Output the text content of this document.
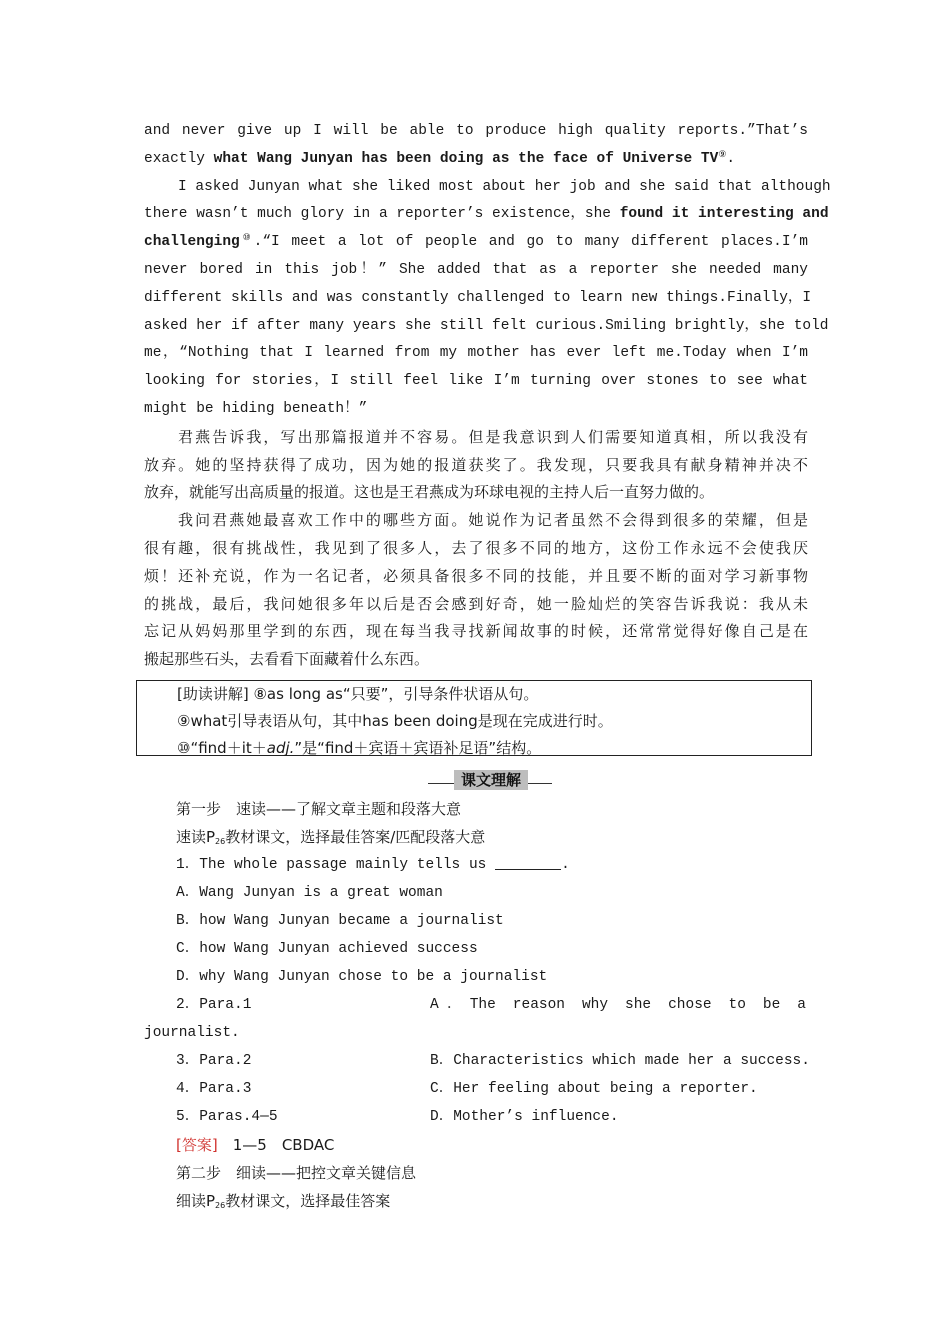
and never give up I will be able to produce high quality reports.”That’s
exactly what Wang Junyan has been doing as the face of Universe TV⑨.
I asked Junyan what she liked most about her job and she said that although
there wasn’t much glory in a reporter’s existence，she found it interesting and
challenging⑩.“I meet a lot of people and go to many different places.I’m
never bored in this job！” She added that as a reporter she needed many
different skills and was constantly challenged to learn new things.Finally，I
asked her if after many years she still felt curious.Smiling brightly，she told
me，“Nothing that I learned from my mother has ever left me.Today when I’m
looking for stories，I still feel like I’m turning over stones to see what
might be hiding beneath！”
君燕告诉我，写出那篇报道并不容易。但是我意识到人们需要知道真相，所以我没有
放弃。她的坚持获得了成功，因为她的报道获奖了。我发现，只要我具有献身精神并决不
放弃，就能写出高质量的报道。这也是王君燕成为环球电视的主持人后一直努力做的。
我问君燕她最喜欢工作中的哪些方面。她说作为记者虽然不会得到很多的荣耀，但是
很有趣，很有挑战性，我见到了很多人，去了很多不同的地方，这份工作永远不会使我厌
烦！还补充说，作为一名记者，必须具备很多不同的技能，并且要不断的面对学习新事物
的挑战，最后，我问她很多年以后是否会感到好奇，她一脸灿烂的笑容告诉我说：我从未
忘记从妈妈那里学到的东西，现在每当我寻找新闻故事的时候，还常常觉得好像自己是在
搬起那些石头，去看看下面藏着什么东西。
[助读讲解] ⑧as long as“只要”，引导条件状语从句。
⑨what引导表语从句，其中has been doing是现在完成进行时。
⑩“find＋it＋adj.”是“find＋宾语＋宾语补足语”结构。
课文理解
第一步　速读——了解文章主题和段落大意
速读$P_{26}$教材课文，选择最佳答案/匹配段落大意
1．The whole passage mainly tells us	.
A．Wang Junyan is a great woman
B．how Wang Junyan became a journalist
C．how Wang Junyan achieved success
D．why Wang Junyan chose to be a journalist
2．Para.1	A．The reason why she chose to be a
journalist.
3．Para.2	B．Characteristics which made her a success.
4．Para.3	C．Her feeling about being a reporter.
5．Paras.4—5	D．Mother’s influence.
[答案]　 1—5　CBDAC
第二步　细读——把控文章关键信息
细读$P_{26}$教材课文，选择最佳答案
